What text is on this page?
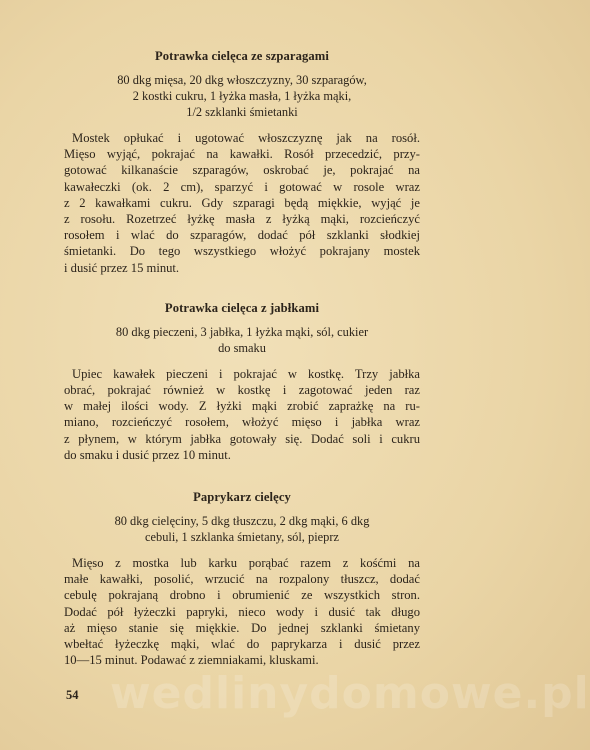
wedlinydomowe.pl
Potrawka cielęca ze szparagami
80 dkg mięsa, 20 dkg włoszczyzny, 30 szparagów,
2 kostki cukru, 1 łyżka masła, 1 łyżka mąki,
1/2 szklanki śmietanki
Mostek opłukać i ugotować włoszczyznę jak na rosół.
Mięso wyjąć, pokrajać na kawałki. Rosół przecedzić, przy-
gotować kilkanaście szparagów, oskrobać je, pokrajać na
kawałeczki (ok. 2 cm), sparzyć i gotować w rosole wraz
z 2 kawałkami cukru. Gdy szparagi będą miękkie, wyjąć je
z rosołu. Rozetrzeć łyżkę masła z łyżką mąki, rozcieńczyć
rosołem i wlać do szparagów, dodać pół szklanki słodkiej
śmietanki. Do tego wszystkiego włożyć pokrajany mostek
i dusić przez 15 minut.
Potrawka cielęca z jabłkami
80 dkg pieczeni, 3 jabłka, 1 łyżka mąki, sól, cukier
do smaku
Upiec kawałek pieczeni i pokrajać w kostkę. Trzy jabłka
obrać, pokrajać również w kostkę i zagotować jeden raz
w małej ilości wody. Z łyżki mąki zrobić zaprażkę na ru-
miano, rozcieńczyć rosołem, włożyć mięso i jabłka wraz
z płynem, w którym jabłka gotowały się. Dodać soli i cukru
do smaku i dusić przez 10 minut.
Paprykarz cielęcy
80 dkg cielęciny, 5 dkg tłuszczu, 2 dkg mąki, 6 dkg
cebuli, 1 szklanka śmietany, sól, pieprz
Mięso z mostka lub karku porąbać razem z kośćmi na
małe kawałki, posolić, wrzucić na rozpalony tłuszcz, dodać
cebulę pokrajaną drobno i obrumienić ze wszystkich stron.
Dodać pół łyżeczki papryki, nieco wody i dusić tak długo
aż mięso stanie się miękkie. Do jednej szklanki śmietany
wbełtać łyżeczkę mąki, wlać do paprykarza i dusić przez
10—15 minut. Podawać z ziemniakami, kluskami.
54
